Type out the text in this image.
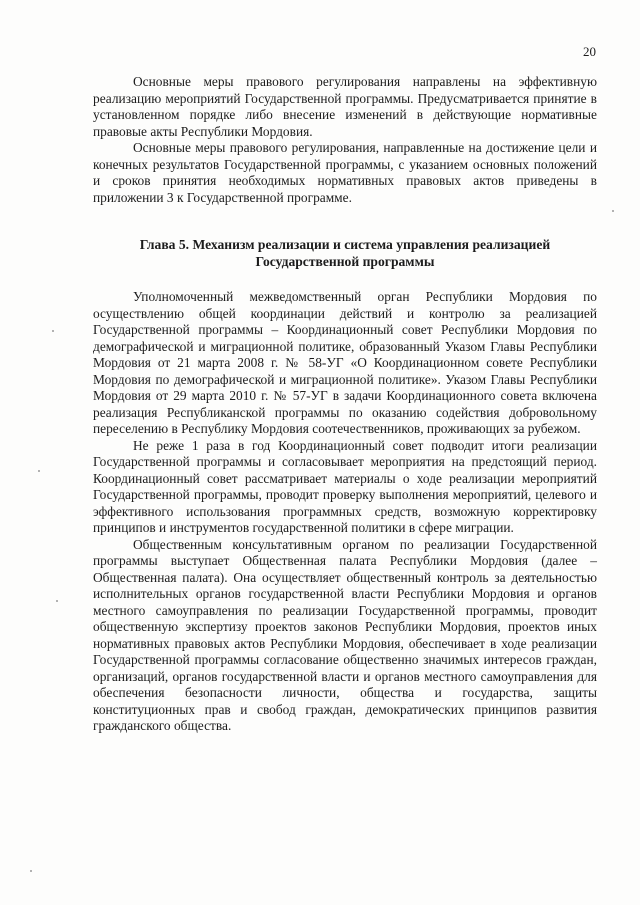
20

Основные меры правового регулирования направлены на эффективную реализацию мероприятий Государственной программы. Предусматривается принятие в установленном порядке либо внесение изменений в действующие нормативные правовые акты Республики Мордовия.

Основные меры правового регулирования, направленные на достижение цели и конечных результатов Государственной программы, с указанием основных положений и сроков принятия необходимых нормативных правовых актов приведены в приложении 3 к Государственной программе.

Глава 5. Механизм реализации и система управления реализацией
Государственной программы

Уполномоченный межведомственный орган Республики Мордовия по осуществлению общей координации действий и контролю за реализацией Государственной программы – Координационный совет Республики Мордовия по демографической и миграционной политике, образованный Указом Главы Республики Мордовия от 21 марта 2008 г. № 58-УГ «О Координационном совете Республики Мордовия по демографической и миграционной политике». Указом Главы Республики Мордовия от 29 марта 2010 г. № 57-УГ в задачи Координационного совета включена реализация Республиканской программы по оказанию содействия добровольному переселению в Республику Мордовия соотечественников, проживающих за рубежом.

Не реже 1 раза в год Координационный совет подводит итоги реализации Государственной программы и согласовывает мероприятия на предстоящий период. Координационный совет рассматривает материалы о ходе реализации мероприятий Государственной программы, проводит проверку выполнения мероприятий, целевого и эффективного использования программных средств, возможную корректировку принципов и инструментов государственной политики в сфере миграции.

Общественным консультативным органом по реализации Государственной программы выступает Общественная палата Республики Мордовия (далее – Общественная палата). Она осуществляет общественный контроль за деятельностью исполнительных органов государственной власти Республики Мордовия и органов местного самоуправления по реализации Государственной программы, проводит общественную экспертизу проектов законов Республики Мордовия, проектов иных нормативных правовых актов Республики Мордовия, обеспечивает в ходе реализации Государственной программы согласование общественно значимых интересов граждан, организаций, органов государственной власти и органов местного самоуправления для обеспечения безопасности личности, общества и государства, защиты конституционных прав и свобод граждан, демократических принципов развития гражданского общества.
